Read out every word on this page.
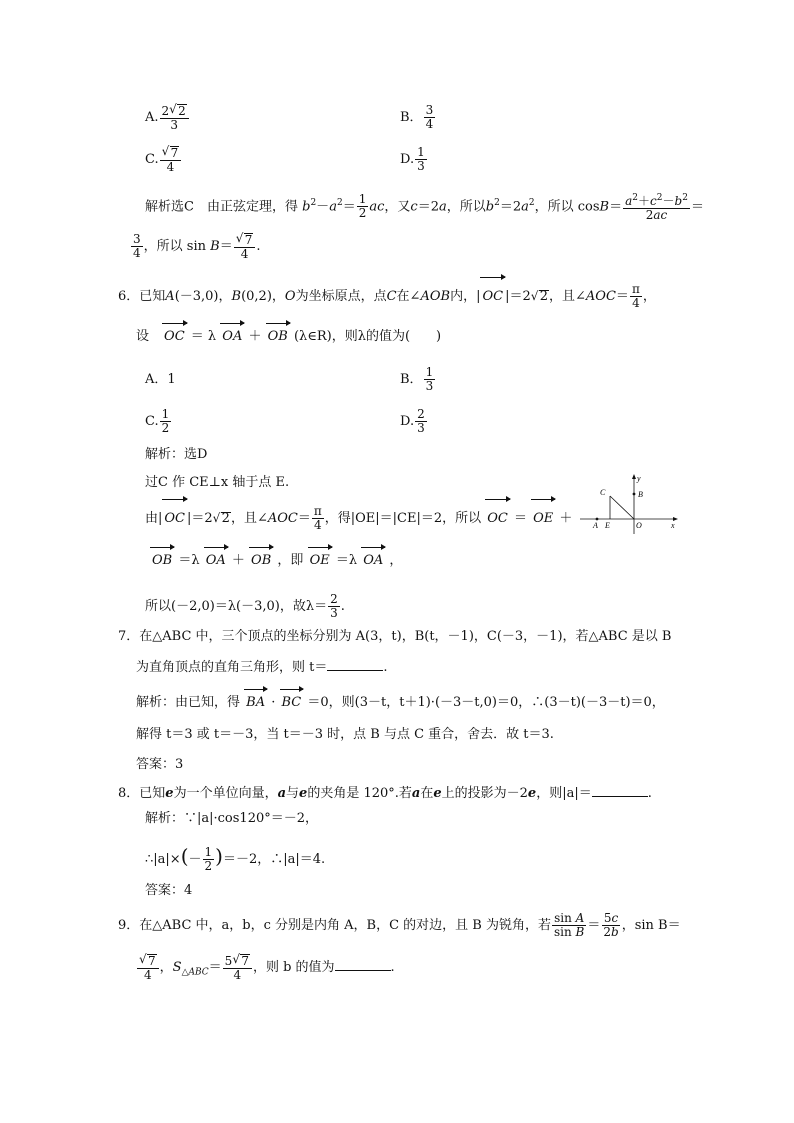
A. $\frac{2 √ 2}{3}$	B． $\frac{3}{4}$
C. √ $\frac{7}{4}$	D. $\frac{1}{3}$
解析选C　由正弦定理，得 $b^2-a^2= \frac{1}{2}$ ac，又c＝2a，所以$b^2=2a^2$，所以 $\cos B= \frac{a^2+c^2-b^2}{2ac}$ ＝
$\frac{3}{4}$ ，所以 sin B＝ √ $\frac{7}{4}$ .
6．已知A(－3,0)，B(0,2)，O为坐标原点，点C在∠AOB内，| OC |＝2 √ 2，且∠AOC＝ $\frac{\pi}{4}$ ，
设　 OC ＝ λ OA ＋ OB (λ∈R)，则λ的值为(　　)
A．1	B． $\frac{1}{3}$
C. $\frac{1}{2}$	D. $\frac{2}{3}$
解析：选D
过C 作 CE⊥x 轴于点 E.
由| OC |＝2 √ 2，且∠AOC＝ $\frac{\pi}{4}$ ，得|OE|＝|CE|＝2，所以 OC ＝ OE ＋
OB ＝λ OA ＋ OB ，即 OE ＝λ OA ，
所以(－2,0)＝λ(－3,0)，故$\lambda= \frac{2}{3}$ .
y
x
C	B
A E	O
7．在△ABC 中，三个顶点的坐标分别为 A(3，t)，B(t，－1)，C(－3，－1)，若△ABC 是以 B
为直角顶点的直角三角形，则 t＝	.
解析：由已知，得 BA · BC ＝0，则(3－t，t＋1)·(－3－t,0)＝0，∴(3－t)(－3－t)＝0，
解得 t＝3 或 t＝－3，当 t＝－3 时，点 B 与点 C 重合，舍去．故 t＝3.
答案：3
8．已知e为一个单位向量，a与e的夹角是 120°.若a在e上的投影为－2e，则|a|＝	.
解析：∵|a|·cos120°＝－2，
∴|a|×(－ $\frac{1}{2} )=-2$，∴|a|＝4.
答案：4
9．在△ABC 中，a，b，c 分别是内角 A，B，C 的对边，且 B 为锐角，若 $\frac{\text{sin A}}{\text{sin B}} = \frac{5c}{2b}$ ，sin B＝
√ $\frac{7}{4}$ ，$S_{\triangle ABC}= \frac{5 √ 7}{4}$ ，则 b 的值为	.
